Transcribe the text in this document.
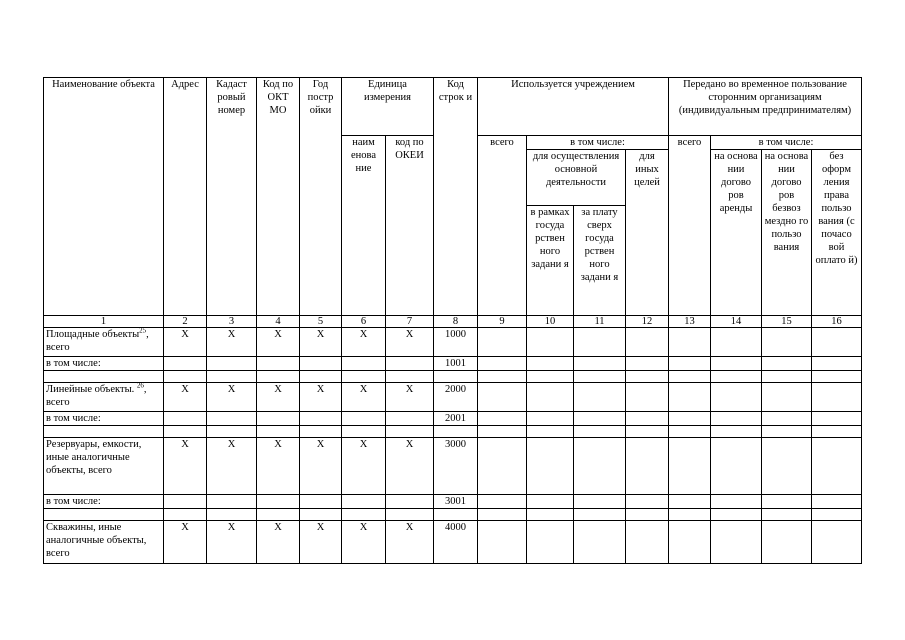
Наименование объекта	Адрес	Кадаст ровый номер	Код по ОКТ МО	Год постр ойки	Единица измерения		Код строк и	Используется учреждением				Передано во временное пользование сторонним организациям (индивидуальным предпринимателям)			
					наим енова ние	код по ОКЕИ		всего	в том числе:			всего	в том числе:		
									для осуществления основной деятельности		для иных целей		на основа нии догово ров аренды	на основа нии догово ров безвоз мездно го пользо вания	без оформ ления права пользо вания (с почасо вой оплато й)
									в рамках госуда рствен ного задани я	за плату сверх госуда рствен ного задани я					
1	2	3	4	5	6	7	8	9	10	11	12	13	14	15	16
Площадные объекты$^{25}$, всего	X	X	X	X	X	X	1000								
в том числе:							1001								

Линейные объекты. $^{26}$, всего	X	X	X	X	X	X	2000								
в том числе:							2001								

Резервуары, емкости, иные аналогичные объекты, всего	X	X	X	X	X	X	3000								
в том числе:							3001								

Скважины, иные аналогичные объекты, всего	X	X	X	X	X	X	4000								
